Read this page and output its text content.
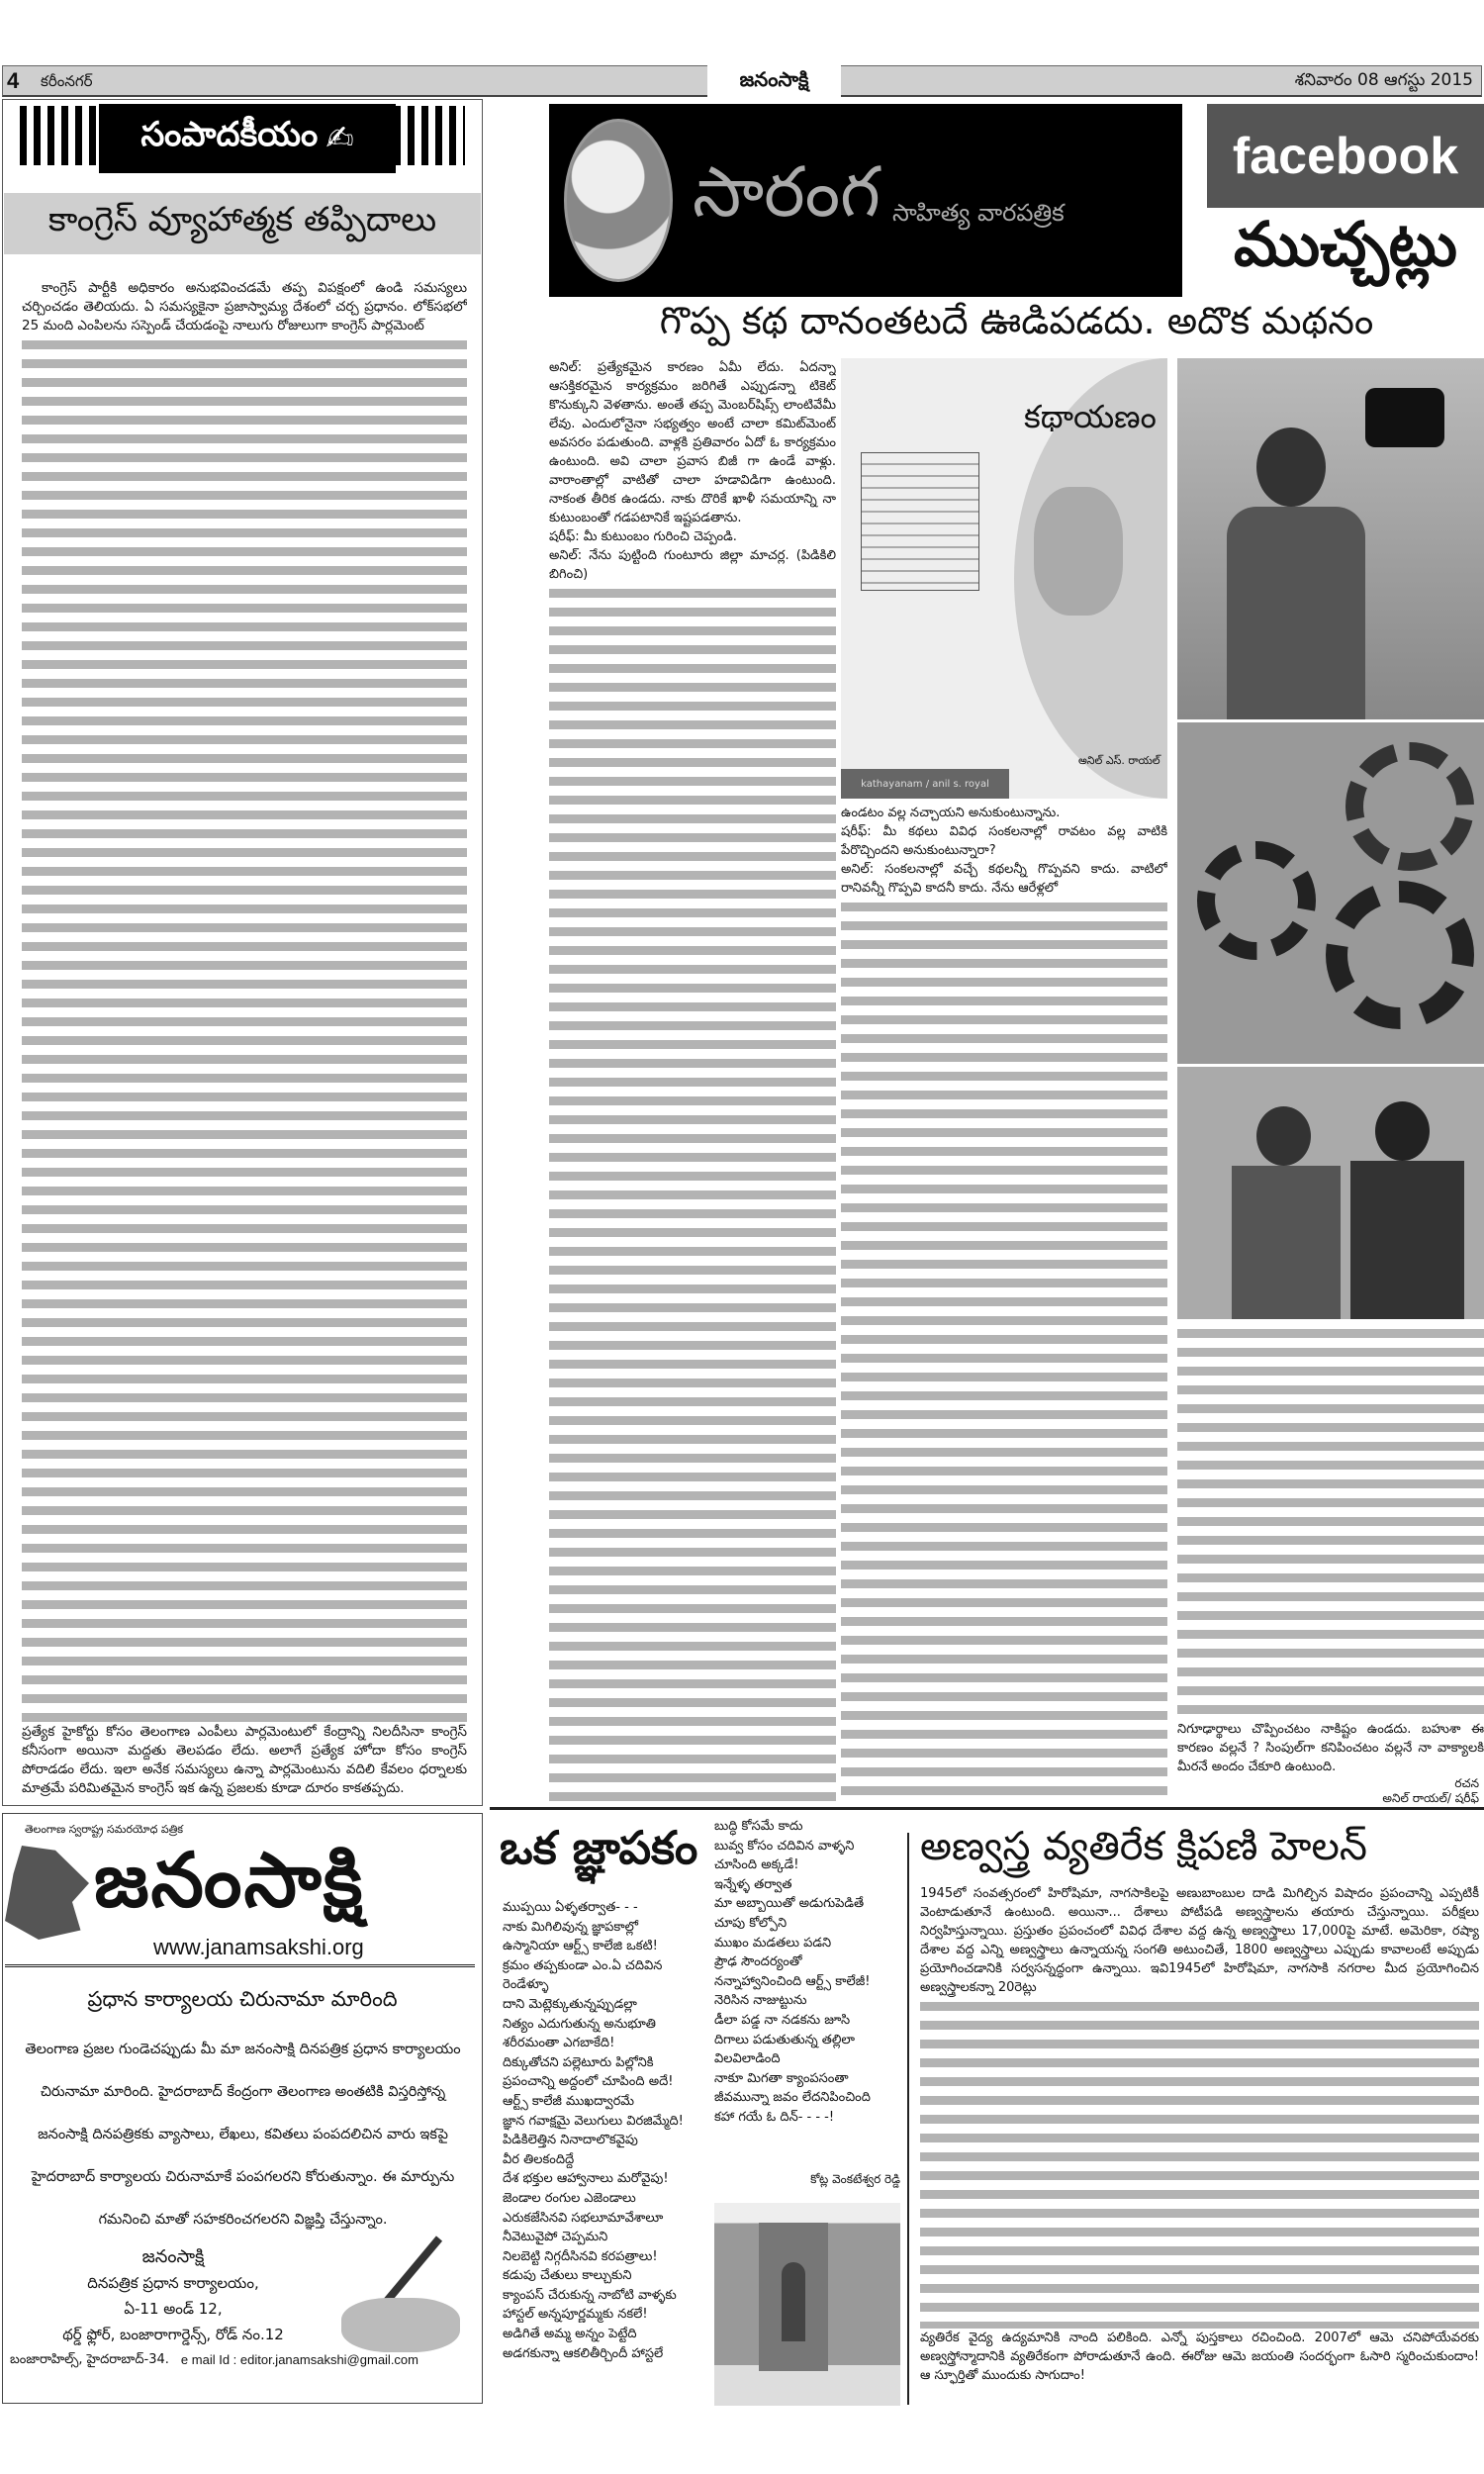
4 కరీంనగర్	జనంసాక్షి	శనివారం 08 ఆగస్టు 2015
సంపాదకీయం ✍
కాంగ్రెస్ వ్యూహాత్మక తప్పిదాలు

కాంగ్రెస్ పార్టీకి అధికారం అనుభవించడమే తప్ప విపక్షంలో ఉండి సమస్యలు చర్చించడం తెలియదు. ఏ సమస్యకైనా ప్రజాస్వామ్య దేశంలో చర్చ ప్రధానం. లోక్‌సభలో 25 మంది ఎంపిలను సస్పెండ్ చేయడంపై నాలుగు రోజులుగా కాంగ్రెస్ పార్లమెంట్

ప్రత్యేక హైకోర్టు కోసం తెలంగాణ ఎంపీలు పార్లమెంటులో కేంద్రాన్ని నిలదీసినా కాంగ్రెస్ కనీసంగా అయినా మద్దతు తెలపడం లేదు. అలాగే ప్రత్యేక హోదా కోసం కాంగ్రెస్ పోరాడడం లేదు. ఇలా అనేక సమస్యలు ఉన్నా పార్లమెంటును వదిలి కేవలం ధర్నాలకు మాత్రమే పరిమితమైన కాంగ్రెస్ ఇక ఉన్న ప్రజలకు కూడా దూరం కాకతప్పదు.

సారంగ సాహిత్య వారపత్రిక
facebook
ముచ్చట్లు
గొప్ప కథ దానంతటదే ఊడిపడదు. అదొక మథనం

అనిల్: ప్రత్యేకమైన కారణం ఏమీ లేదు. ఏదన్నా ఆసక్తికరమైన కార్యక్రమం జరిగితే ఎప్పుడన్నా టికెట్ కొనుక్కుని వెళతాను. అంతే తప్ప మెంబర్‌షిప్స్ లాంటివేమీ లేవు. ఎందులోనైనా సభ్యత్వం అంటే చాలా కమిట్‌మెంట్ అవసరం పడుతుంది. వాళ్లకి ప్రతివారం ఏదో ఓ కార్యక్రమం ఉంటుంది. అవి చాలా ప్రవాస బిజీ గా ఉండే వాళ్లు. వారాంతాల్లో వాటితో చాలా హడావిడిగా ఉంటుంది. నాకంత తీరిక ఉండదు. నాకు దొరికే ఖాళీ సమయాన్ని నా కుటుంబంతో గడపటానికే ఇష్టపడతాను.

షరీఫ్: మీ కుటుంబం గురించి చెప్పండి.

అనిల్: నేను పుట్టింది గుంటూరు జిల్లా మాచర్ల. (పిడికిలి బిగించి)

కథాయణం
అనిల్ ఎస్. రాయల్
kathayanam / anil s. royal

ఉండటం వల్ల నచ్చాయని అనుకుంటున్నాను.

షరీఫ్: మీ కథలు వివిధ సంకలనాల్లో రావటం వల్ల వాటికి పేరొచ్చిందని అనుకుంటున్నారా?

అనిల్: సంకలనాల్లో వచ్చే కథలన్నీ గొప్పవని కాదు. వాటిలో రానివన్నీ గొప్పవి కాదనీ కాదు. నేను ఆరేళ్లలో

నిగూఢార్థాలు చొప్పించటం నాకిష్టం ఉండదు. బహుశా ఈ కారణం వల్లనే ? సింపుల్‌గా కనిపించటం వల్లనే నా వాక్యాలకి మీరనే అందం చేకూరి ఉంటుంది.

రచన
అనిల్ రాయల్/ షరీఫ్
తెలంగాణ స్వరాష్ట్ర సమరయోధ పత్రిక
జనంసాక్షి
www.janamsakshi.org
ప్రధాన కార్యాలయ చిరునామా మారింది
తెలంగాణ ప్రజల గుండెచప్పుడు మీ మా జనంసాక్షి దినపత్రిక ప్రధాన కార్యాలయం
చిరునామా మారింది. హైదరాబాద్ కేంద్రంగా తెలంగాణ అంతటికి విస్తరిస్తోన్న
జనంసాక్షి దినపత్రికకు వ్యాసాలు, లేఖలు, కవితలు పంపదలిచిన వారు ఇకపై
హైదరాబాద్ కార్యాలయ చిరునామాకే పంపగలరని కోరుతున్నాం. ఈ మార్పును
గమనించి మాతో సహకరించగలరని విజ్ఞప్తి చేస్తున్నాం.
జనంసాక్షి
దినపత్రిక ప్రధాన కార్యాలయం,
ఏ-11 అండ్ 12,
థర్డ్ ఫ్లోర్, బంజారాగార్డెన్స్, రోడ్ నం.12
బంజారాహిల్స్, హైదరాబాద్-34. e mail Id : editor.janamsakshi@gmail.com
ఒక జ్ఞాపకం
ముప్పయి ఏళ్ళతర్వాత- - -
నాకు మిగిలివున్న జ్ఞాపకాల్లో
ఉస్మానియా ఆర్ట్స్ కాలేజి ఒకటి!
క్రమం తప్పకుండా ఎం.ఏ చదివిన
రెండేళ్ళూ
దాని మెట్లెక్కుతున్నప్పుడల్లా
నిత్యం ఎదుగుతున్న అనుభూతి
శరీరమంతా ఎగబాకేది!
దిక్కుతోచని పల్లెటూరు పిల్లోనికి
ప్రపంచాన్ని అద్దంలో చూపింది అదే!
ఆర్ట్స్ కాలేజీ ముఖద్వారమే
జ్ఞాన గవాక్షమై వెలుగులు విరజిమ్మేది!
పిడికిలెత్తిన నినాదాలొకవైపు
వీర తిలకందిద్దే
దేశ భక్తుల ఆహ్వానాలు మరోవైపు!
జెండాల రంగుల ఎజెండాలు
ఎరుకజేసినవి సభలూమావేశాలూ
నీవెటువైపో చెప్పమని
నిలబెట్టి నిగ్గదీసినవి కరపత్రాలు!
కడుపు చేతులు కాల్చుకుని
క్యాంపస్ చేరుకున్న నాబోటి వాళ్ళకు
హాస్టల్ అన్నపూర్ణమ్మకు నకలే!
అడిగితే అమ్మ అన్నం పెట్టేది
అడగకున్నా ఆకలితీర్చిందీ హాస్టలే
బుద్ధి కోసమే కాదు
బువ్వ కోసం చదివిన వాళ్ళని
చూసింది అక్కడే!
ఇన్నేళ్ళ తర్వాత
మా అబ్బాయితో అడుగుపెడితే
చూపు కోల్పోని
ముఖం మడతలు పడని
ప్రౌఢ సౌందర్యంతో
నన్నాహ్వానించింది ఆర్ట్స్ కాలేజీ!
నెరిసిన నాజుట్టును
డీలా పడ్డ నా నడకను జూసి
దిగాలు పడుతుతున్న తల్లిలా
విలవిలాడింది
నాకూ మిగతా క్యాంపసంతా
జీవమున్నా జవం లేదనిపించింది
కహా గయే ఓ దిన్- - - -!
కోట్ల వెంకటేశ్వర రెడ్డి
అణ్వస్త్ర వ్యతిరేక క్షిపణి హెలన్

1945లో సంవత్సరంలో హిరోషిమా, నాగసాకిలపై అణుబాంబుల దాడి మిగిల్చిన విషాదం ప్రపంచాన్ని ఎప్పటికీ వెంటాడుతూనే ఉంటుంది. అయినా... దేశాలు పోటీపడి అణ్వస్త్రాలను తయారు చేస్తున్నాయి. పరీక్షలు నిర్వహిస్తున్నాయి. ప్రస్తుతం ప్రపంచంలో వివిధ దేశాల వద్ద ఉన్న అణ్వస్త్రాలు 17,000పై మాటే. అమెరికా, రష్యా దేశాల వద్ద ఎన్ని అణ్వస్త్రాలు ఉన్నాయన్న సంగతి అటుంచితే, 1800 అణ్వస్త్రాలు ఎప్పుడు కావాలంటే అప్పుడు ప్రయోగించడానికి సర్వసన్నద్ధంగా ఉన్నాయి. ఇవి1945లో హిరోషిమా, నాగసాకి నగరాల మీద ప్రయోగించిన అణ్వస్త్రాలకన్నా 20రెట్లు

వ్యతిరేక వైద్య ఉద్యమానికి నాంది పలికింది. ఎన్నో పుస్తకాలు రచించింది. 2007లో ఆమె చనిపోయేవరకు అణ్వస్త్రోన్మాదానికి వ్యతిరేకంగా పోరాడుతూనే ఉంది. ఈరోజు ఆమె జయంతి సందర్భంగా ఓసారి స్మరించుకుందాం! ఆ స్ఫూర్తితో ముందుకు సాగుదాం!
